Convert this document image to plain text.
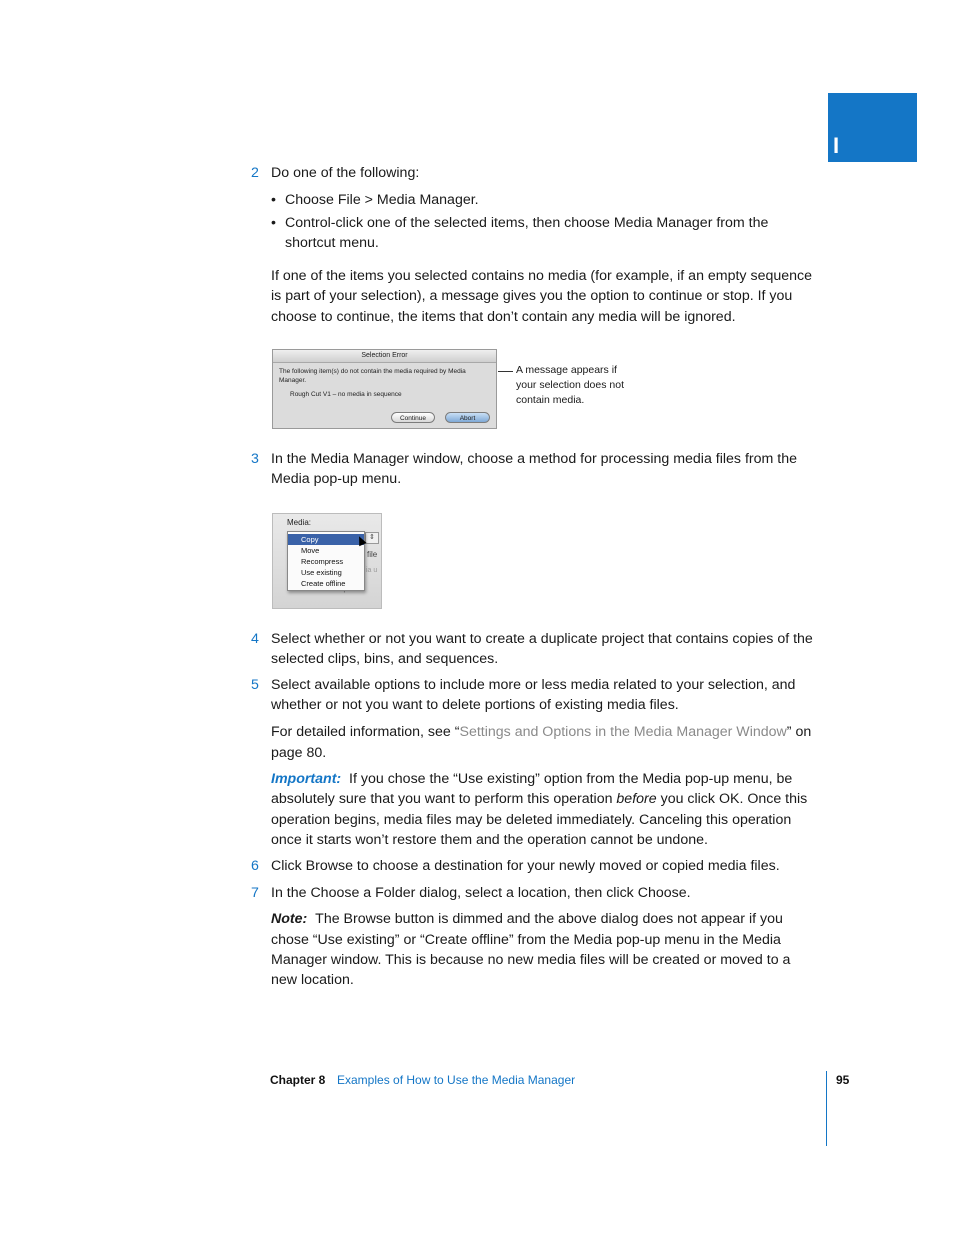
I
2 Do one of the following:
• Choose File > Media Manager.
• Control-click one of the selected items, then choose Media Manager from the
shortcut menu.
If one of the items you selected contains no media (for example, if an empty sequence
is part of your selection), a message gives you the option to continue or stop. If you
choose to continue, the items that don’t contain any media will be ignored.
Selection Error
The following item(s) do not contain the media required by Media Manager.
Rough Cut V1 – no media in sequence
Continue	Abort
A message appears if
your selection does not
contain media.
3 In the Media Manager window, choose a method for processing media files from the
Media pop-up menu.
Media:
⇕
file
ia u
Copy
Move
Recompress
Use existing
Create offline
4 Select whether or not you want to create a duplicate project that contains copies of the
selected clips, bins, and sequences.
5 Select available options to include more or less media related to your selection, and
whether or not you want to delete portions of existing media files.
For detailed information, see “Settings and Options in the Media Manager Window” on
page 80.
Important: If you chose the “Use existing” option from the Media pop-up menu, be
absolutely sure that you want to perform this operation before you click OK. Once this
operation begins, media files may be deleted immediately. Canceling this operation
once it starts won’t restore them and the operation cannot be undone.
6 Click Browse to choose a destination for your newly moved or copied media files.
7 In the Choose a Folder dialog, select a location, then click Choose.
Note: The Browse button is dimmed and the above dialog does not appear if you
chose “Use existing” or “Create offline” from the Media pop-up menu in the Media
Manager window. This is because no new media files will be created or moved to a
new location.
Chapter 8 Examples of How to Use the Media Manager	95
